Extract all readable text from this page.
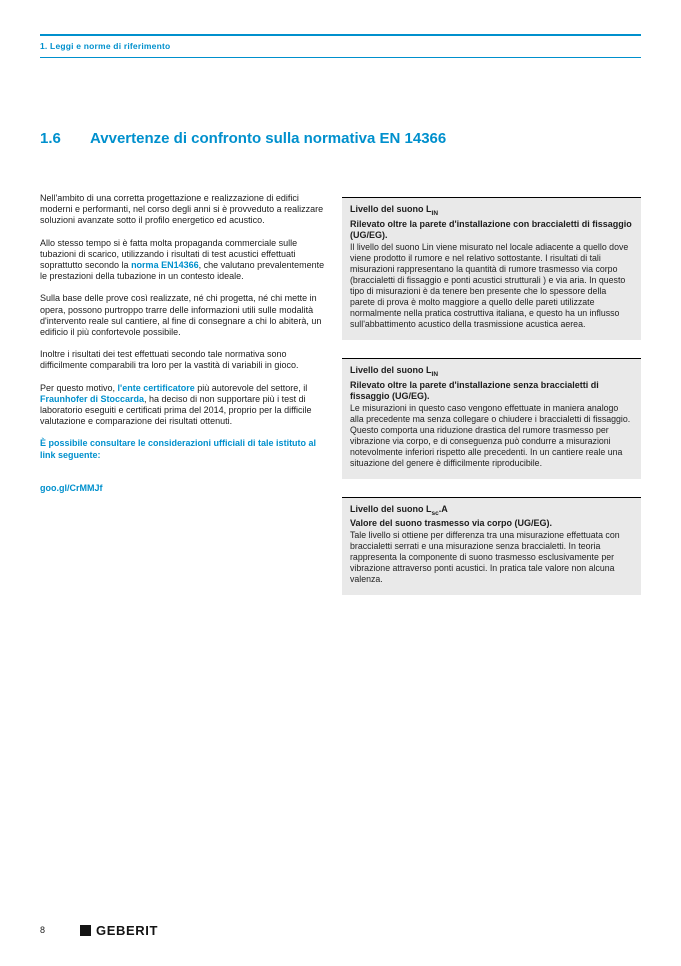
1. Leggi e norme di riferimento
1.6	Avvertenze di confronto sulla normativa EN 14366
Nell'ambito di una corretta progettazione e realizzazione di edifici moderni e performanti, nel corso degli anni si è provveduto a realizzare soluzioni avanzate sotto il profilo energetico ed acustico.
Allo stesso tempo si è fatta molta propaganda commerciale sulle tubazioni di scarico, utilizzando i risultati di test acustici effettuati soprattutto secondo la norma EN14366, che valutano prevalentemente le prestazioni della tubazione in un contesto ideale.
Sulla base delle prove così realizzate, né chi progetta, né chi mette in opera, possono purtroppo trarre delle informazioni utili sulle modalità d'intervento reale sul cantiere, al fine di consegnare a chi lo abiterà, un edificio il più confortevole possibile.
Inoltre i risultati dei test effettuati secondo tale normativa sono difficilmente comparabili tra loro per la vastità di variabili in gioco.
Per questo motivo, l'ente certificatore più autorevole del settore, il Fraunhofer di Stoccarda, ha deciso di non supportare più i test di laboratorio eseguiti e certificati prima del 2014, proprio per la difficile valutazione e comparazione dei risultati ottenuti.
È possibile consultare le considerazioni ufficiali di tale istituto al link seguente:
goo.gl/CrMMJf
Livello del suono $L_{IN}$
Rilevato oltre la parete d'installazione con braccialetti di fissaggio (UG/EG).
Il livello del suono Lin viene misurato nel locale adiacente a quello dove viene prodotto il rumore e nel relativo sottostante. I risultati di tali misurazioni rappresentano la quantità di rumore trasmesso via corpo (braccialetti di fissaggio e ponti acustici strutturali ) e via aria. In questo tipo di misurazioni è da tenere ben presente che lo spessore della parete di prova è molto maggiore a quello delle pareti utilizzate normalmente nella pratica costruttiva italiana, e questo ha un influsso sull'abbattimento acustico della trasmissione acustica aerea.
Livello del suono $L_{IN}$
Rilevato oltre la parete d'installazione senza braccialetti di fissaggio (UG/EG).
Le misurazioni in questo caso vengono effettuate in maniera analogo alla precedente ma senza collegare o chiudere i braccialetti di fissaggio. Questo comporta una riduzione drastica del rumore trasmesso per vibrazione via corpo, e di conseguenza può condurre a misurazioni notevolmente inferiori rispetto alle precedenti. In un cantiere reale una situazione del genere è difficilmente riproducibile.
Livello del suono $L_{sc}.A$
Valore del suono trasmesso via corpo (UG/EG).
Tale livello si ottiene per differenza tra una misurazione effettuata con braccialetti serrati e una misurazione senza braccialetti. In teoria rappresenta la componente di suono trasmesso esclusivamente per vibrazione attraverso ponti acustici. In pratica tale valore non alcuna valenza.
8	GEBERIT
